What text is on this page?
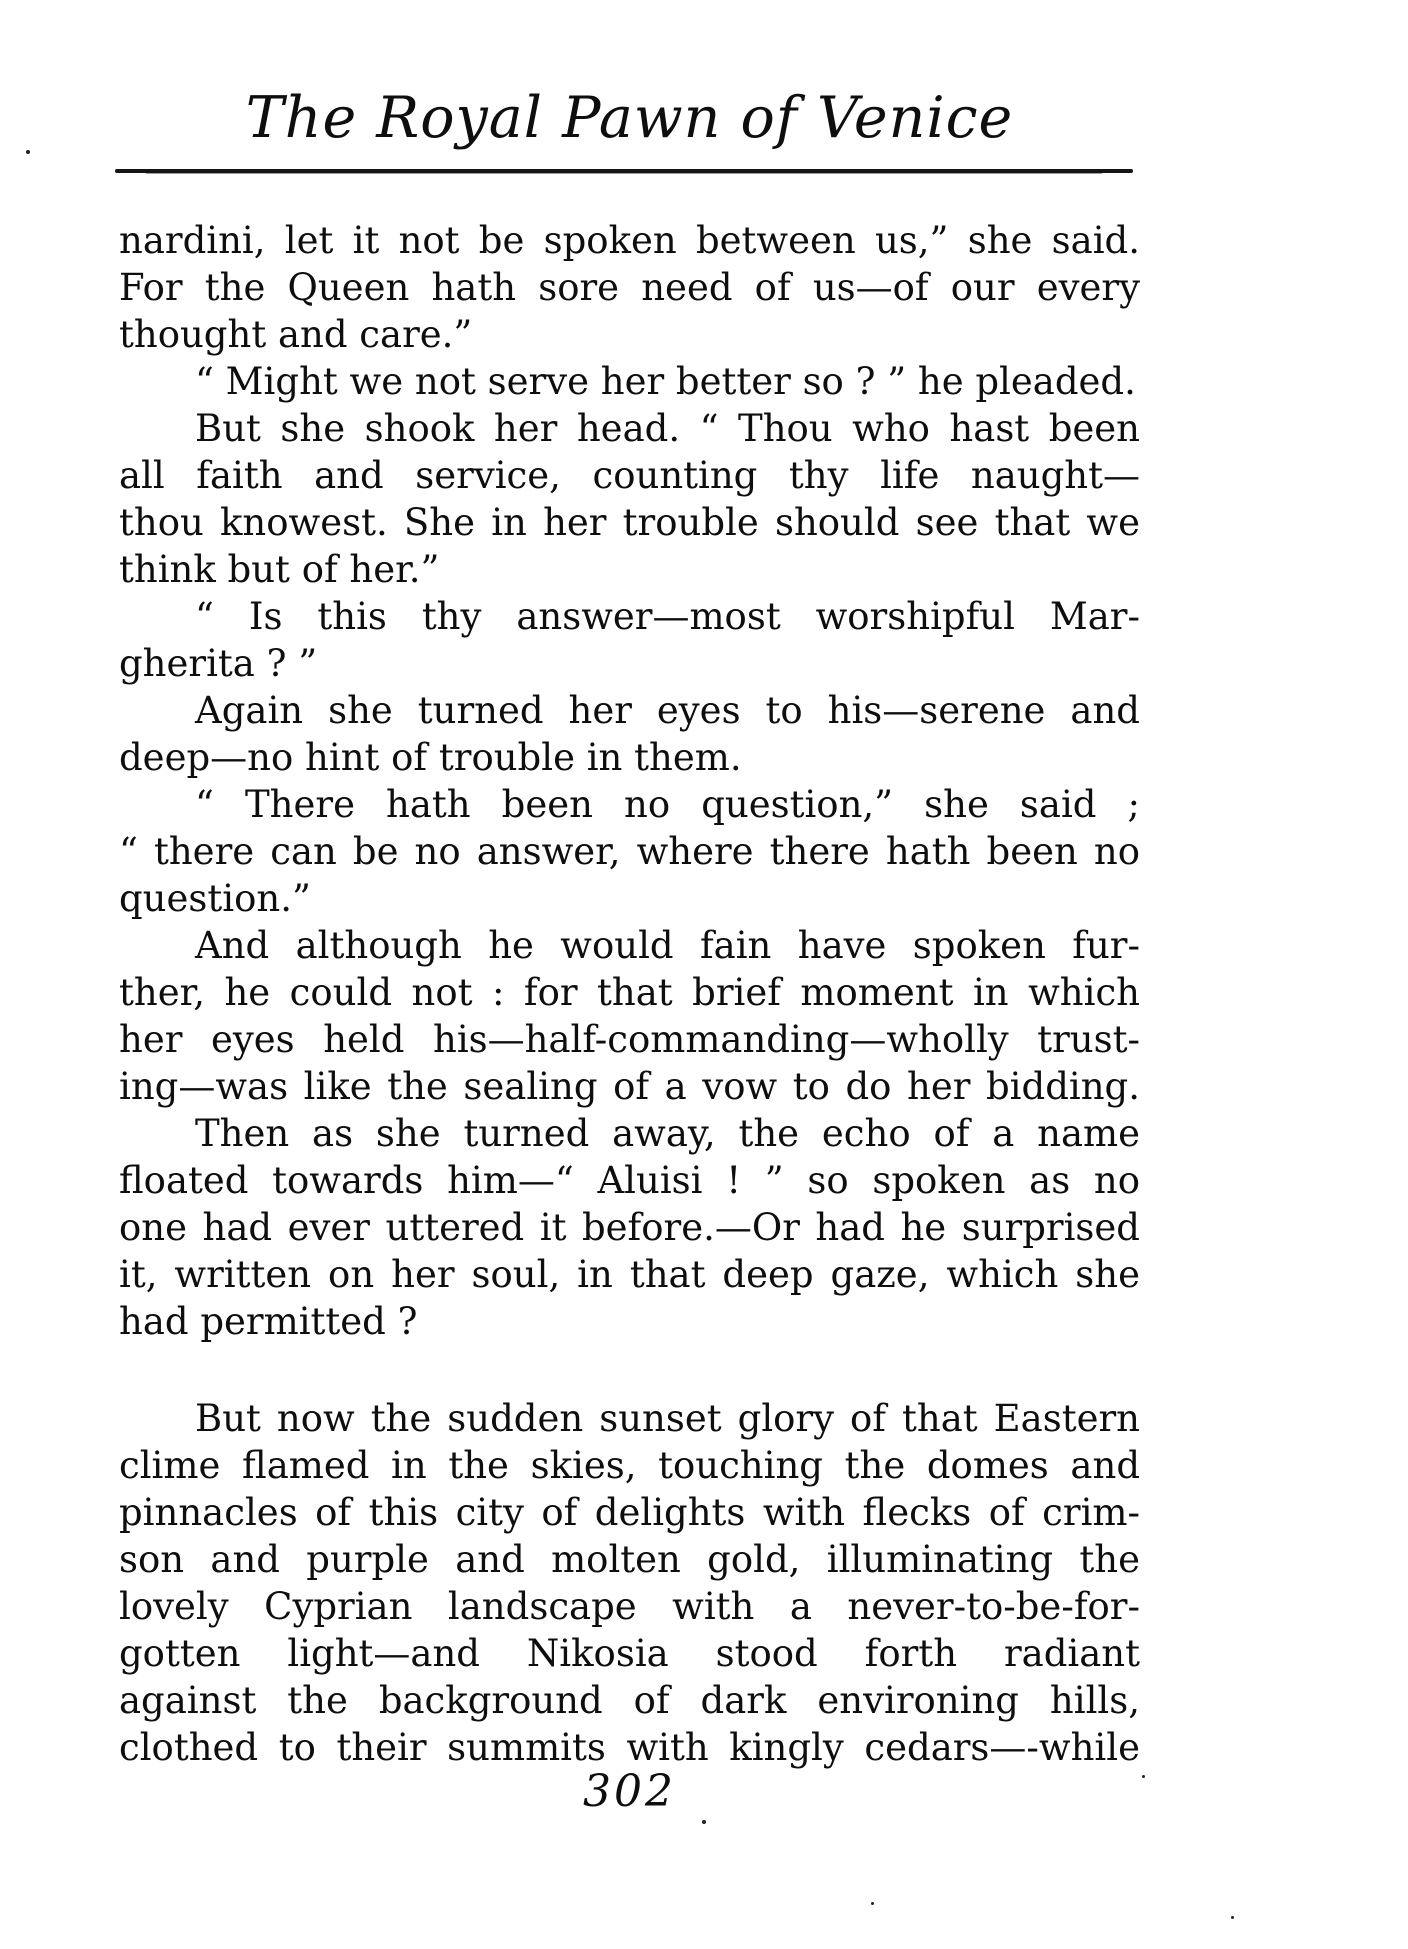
The Royal Pawn of Venice
nardini, let it not be spoken between us,” she said.
For the Queen hath sore need of us—of our every
thought and care.”
“ Might we not serve her better so ? ” he pleaded.
But she shook her head. “ Thou who hast been
all faith and service, counting thy life naught—
thou knowest. She in her trouble should see that we
think but of her.”
“ Is this thy answer—most worshipful Mar-
gherita ? ”
Again she turned her eyes to his—serene and
deep—no hint of trouble in them.
“ There hath been no question,” she said ;
“ there can be no answer, where there hath been no
question.”
And although he would fain have spoken fur-
ther, he could not : for that brief moment in which
her eyes held his—half-commanding—wholly trust-
ing—was like the sealing of a vow to do her bidding.
Then as she turned away, the echo of a name
floated towards him—“ Aluisi ! ” so spoken as no
one had ever uttered it before.—Or had he surprised
it, written on her soul, in that deep gaze, which she
had permitted ?
But now the sudden sunset glory of that Eastern
clime flamed in the skies, touching the domes and
pinnacles of this city of delights with flecks of crim-
son and purple and molten gold, illuminating the
lovely Cyprian landscape with a never-to-be-for-
gotten light—and Nikosia stood forth radiant
against the background of dark environing hills,
clothed to their summits with kingly cedars—-while
302
